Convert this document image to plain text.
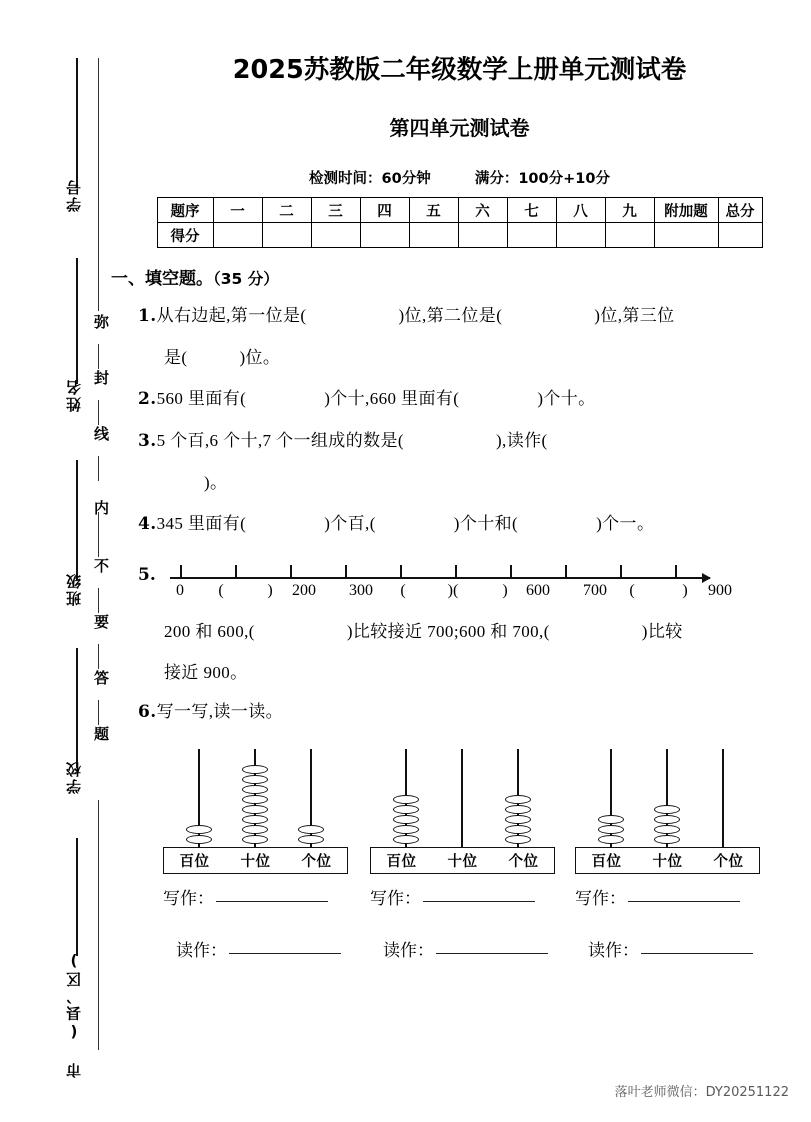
学号
姓名
班级
学校
市 (县、区)
弥
封
线
内
不
要
答
题
2025苏教版二年级数学上册单元测试卷
第四单元测试卷
检测时间：60分钟	满分：100分+10分
题序	一	二	三	四	五	六	七	八	九	附加题	总分
得分											
一、填空题。（35 分）
1.从右边起,第一位是(	)位,第二位是(	)位,第三位
是(	)位。
2.560 里面有(	)个十,660 里面有(	)个十。
3.5 个百,6 个十,7 个一组成的数是(	),读作(
)。
4.345 里面有(	)个百,(	)个十和(	)个一。
5.
0 (	) 200 300 (	)(	) 600 700 (	) 900
200 和 600,(	)比较接近 700;600 和 700,(	)比较
接近 900。
6.写一写,读一读。
百位 十位 个位	百位 十位 个位	百位 十位 个位
写作：	写作：	写作：
读作：	读作：	读作：
落叶老师微信：DY20251122
